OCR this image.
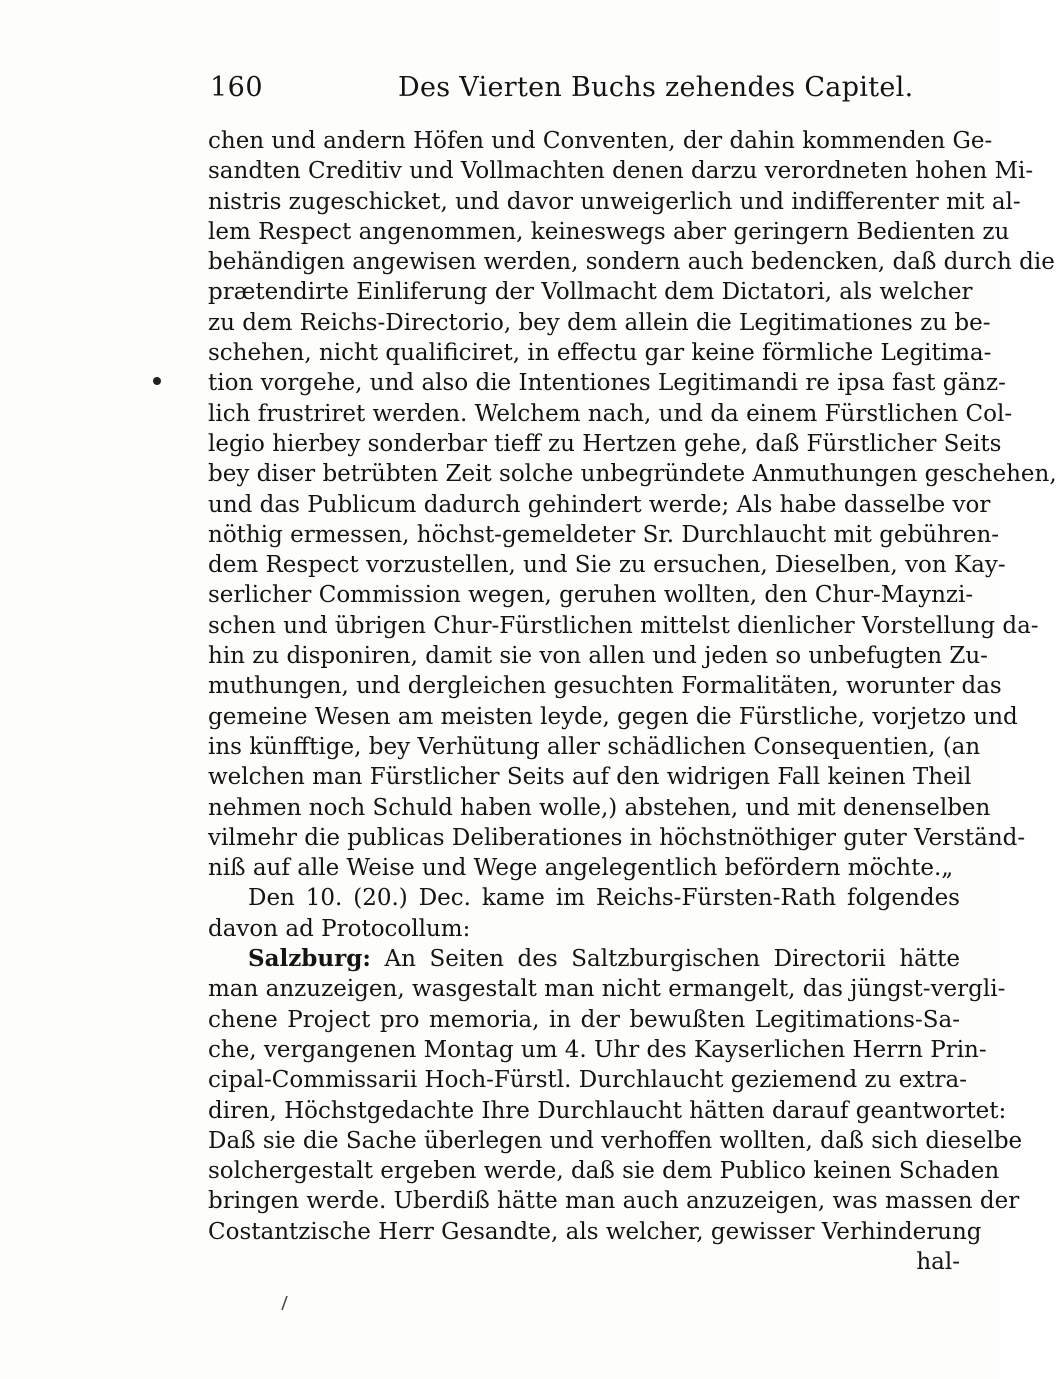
160	Des Vierten Buchs zehendes Capitel.
chen und andern Höfen und Conventen, der dahin kommenden Ge-
sandten Creditiv und Vollmachten denen darzu verordneten hohen Mi-
nistris zugeschicket, und davor unweigerlich und indifferenter mit al-
lem Respect angenommen, keineswegs aber geringern Bedienten zu
behändigen angewisen werden, sondern auch bedencken, daß durch die
prætendirte Einliferung der Vollmacht dem Dictatori, als welcher
zu dem Reichs-Directorio, bey dem allein die Legitimationes zu be-
schehen, nicht qualificiret, in effectu gar keine förmliche Legitima-
tion vorgehe, und also die Intentiones Legitimandi re ipsa fast gänz-
lich frustriret werden. Welchem nach, und da einem Fürstlichen Col-
legio hierbey sonderbar tieff zu Hertzen gehe, daß Fürstlicher Seits
bey diser betrübten Zeit solche unbegründete Anmuthungen geschehen,
und das Publicum dadurch gehindert werde; Als habe dasselbe vor
nöthig ermessen, höchst-gemeldeter Sr. Durchlaucht mit gebühren-
dem Respect vorzustellen, und Sie zu ersuchen, Dieselben, von Kay-
serlicher Commission wegen, geruhen wollten, den Chur-Maynzi-
schen und übrigen Chur-Fürstlichen mittelst dienlicher Vorstellung da-
hin zu disponiren, damit sie von allen und jeden so unbefugten Zu-
muthungen, und dergleichen gesuchten Formalitäten, worunter das
gemeine Wesen am meisten leyde, gegen die Fürstliche, vorjetzo und
ins künfftige, bey Verhütung aller schädlichen Consequentien, (an
welchen man Fürstlicher Seits auf den widrigen Fall keinen Theil
nehmen noch Schuld haben wolle,) abstehen, und mit denenselben
vilmehr die publicas Deliberationes in höchstnöthiger guter Verständ-
niß auf alle Weise und Wege angelegentlich befördern möchte.„
Den 10. (20.) Dec. kame im Reichs-Fürsten-Rath folgendes
davon ad Protocollum:
Salzburg: An Seiten des Saltzburgischen Directorii hätte
man anzuzeigen, wasgestalt man nicht ermangelt, das jüngst-vergli-
chene Project pro memoria, in der bewußten Legitimations-Sa-
che, vergangenen Montag um 4. Uhr des Kayserlichen Herrn Prin-
cipal-Commissarii Hoch-Fürstl. Durchlaucht geziemend zu extra-
diren, Höchstgedachte Ihre Durchlaucht hätten darauf geantwortet:
Daß sie die Sache überlegen und verhoffen wollten, daß sich dieselbe
solchergestalt ergeben werde, daß sie dem Publico keinen Schaden
bringen werde. Uberdiß hätte man auch anzuzeigen, was massen der
Costantzische Herr Gesandte, als welcher, gewisser Verhinderung
hal-
